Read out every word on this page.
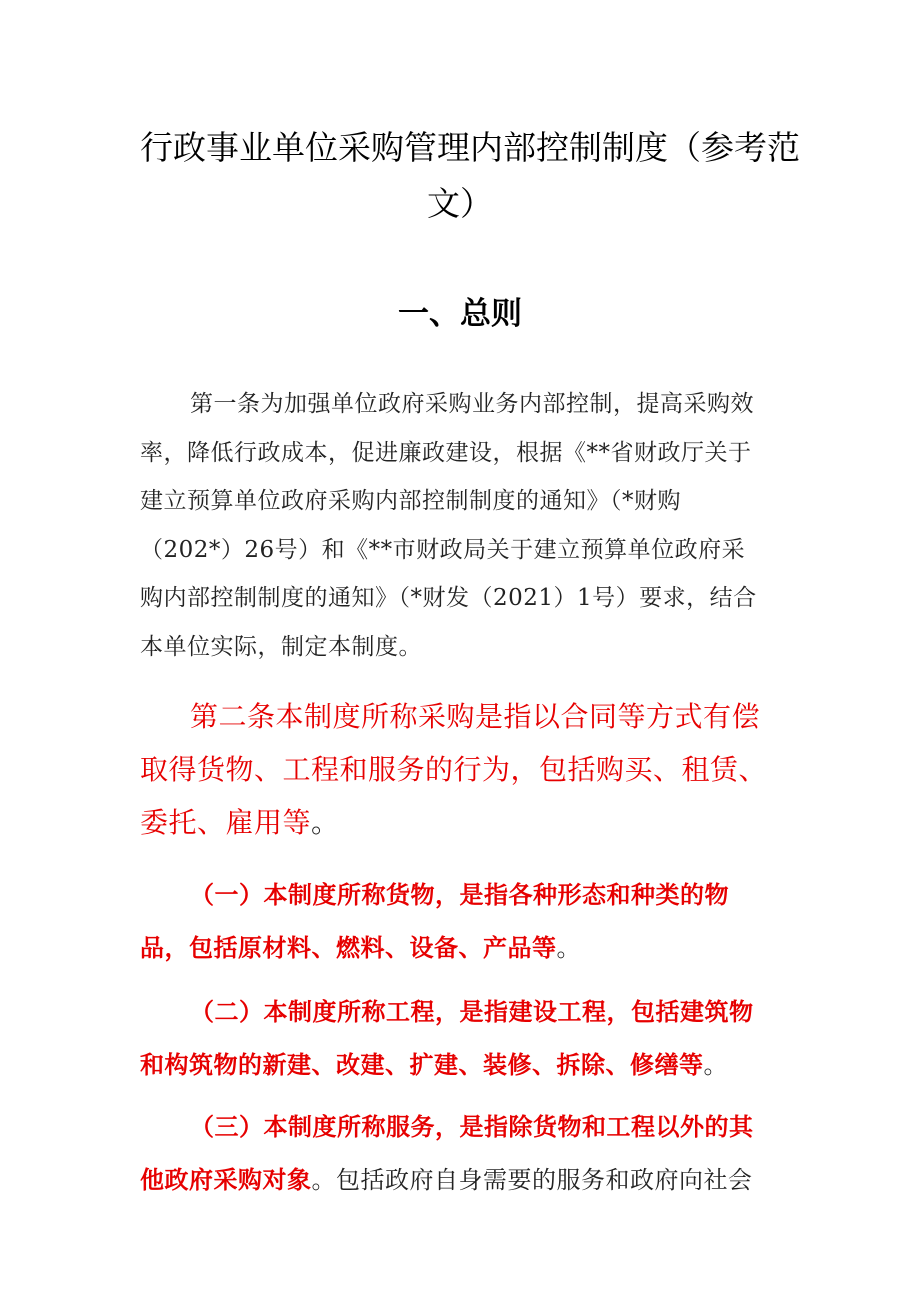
行政事业单位采购管理内部控制制度（参考范
文）
一、总则
第一条为加强单位政府采购业务内部控制，提高采购效率，降低行政成本，促进廉政建设，根据《**省财政厅关于建立预算单位政府采购内部控制制度的通知》（*财购（202*）26号）和《**市财政局关于建立预算单位政府采购内部控制制度的通知》（*财发（2021）1号）要求，结合本单位实际，制定本制度。
第二条本制度所称采购是指以合同等方式有偿取得货物、工程和服务的行为，包括购买、租赁、委托、雇用等。
（一）本制度所称货物，是指各种形态和种类的物品，包括原材料、燃料、设备、产品等。
（二）本制度所称工程，是指建设工程，包括建筑物和构筑物的新建、改建、扩建、装修、拆除、修缮等。
（三）本制度所称服务，是指除货物和工程以外的其他政府采购对象。包括政府自身需要的服务和政府向社会
